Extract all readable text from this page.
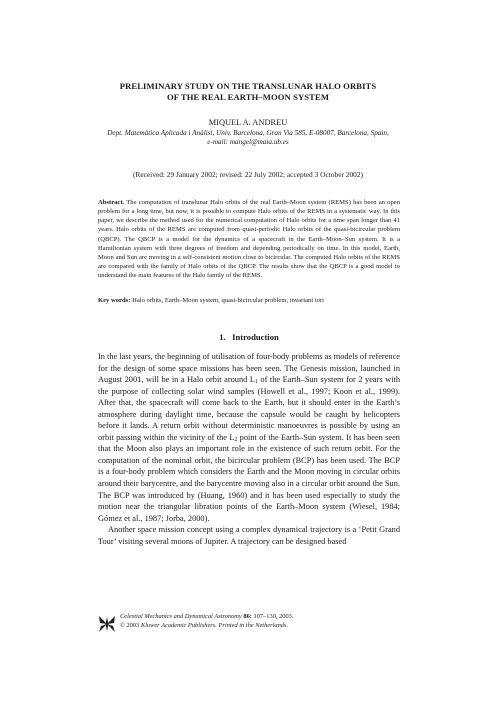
PRELIMINARY STUDY ON THE TRANSLUNAR HALO ORBITS
OF THE REAL EARTH–MOON SYSTEM
MIQUEL A. ANDREU
Dept. Matemàtica Aplicada i Anàlisi, Univ. Barcelona, Gran Via 585, E-08007, Barcelona, Spain,
e-mail: mangel@maia.ub.es
(Received: 29 January 2002; revised: 22 July 2002; accepted 3 October 2002)
Abstract. The computation of translunar Halo orbits of the real Earth–Moon system (REMS) has been an open problem for a long time, but now, it is possible to compute Halo orbits of the REMS in a systematic way. In this paper, we describe the method used for the numerical computation of Halo orbits for a time span longer than 41 years. Halo orbits of the REMS are computed from quasi-periodic Halo orbits of the quasi-bicircular problem (QBCP). The QBCP is a model for the dynamics of a spacecraft in the Earth–Moon–Sun system. It is a Hamiltonian system with three degrees of freedom and depending periodically on time. In this model, Earth, Moon and Sun are moving in a self-consistent motion close to bicircular. The computed Halo orbits of the REMS are compared with the family of Halo orbits of the QBCP. The results show that the QBCP is a good model to understand the main features of the Halo family of the REMS.
Key words: Halo orbits, Earth–Moon system, quasi-bicircular problem, invariant tori
1. Introduction

In the last years, the beginning of utilisation of four-body problems as models of reference for the design of some space missions has been seen. The Genesis mission, launched in August 2001, will be in a Halo orbit around $L_1$ of the Earth–Sun system for 2 years with the purpose of collecting solar wind samples (Howell et al., 1997; Koon et al., 1999). After that, the spacecraft will come back to the Earth, but it should enter in the Earth’s atmosphere during daylight time, because the capsule would be caught by helicopters before it lands. A return orbit without deterministic manoeuvres is possible by using an orbit passing within the vicinity of the $L_2$ point of the Earth–Sun system. It has been seen that the Moon also plays an important role in the existence of such return orbit. For the computation of the nominal orbit, the bicircular problem (BCP) has been used. The BCP is a four-body problem which considers the Earth and the Moon moving in circular orbits around their barycentre, and the barycentre moving also in a circular orbit around the Sun. The BCP was introduced by (Huang, 1960) and it has been used especially to study the motion near the triangular libration points of the Earth–Moon system (Wiesel, 1984; Gómez et al., 1987; Jorba, 2000).

Another space mission concept using a complex dynamical trajectory is a ‘Petit Grand Tour’ visiting several moons of Jupiter. A trajectory can be designed based

Celestial Mechanics and Dynamical Astronomy 86: 107–130, 2003.
© 2003 Kluwer Academic Publishers. Printed in the Netherlands.
